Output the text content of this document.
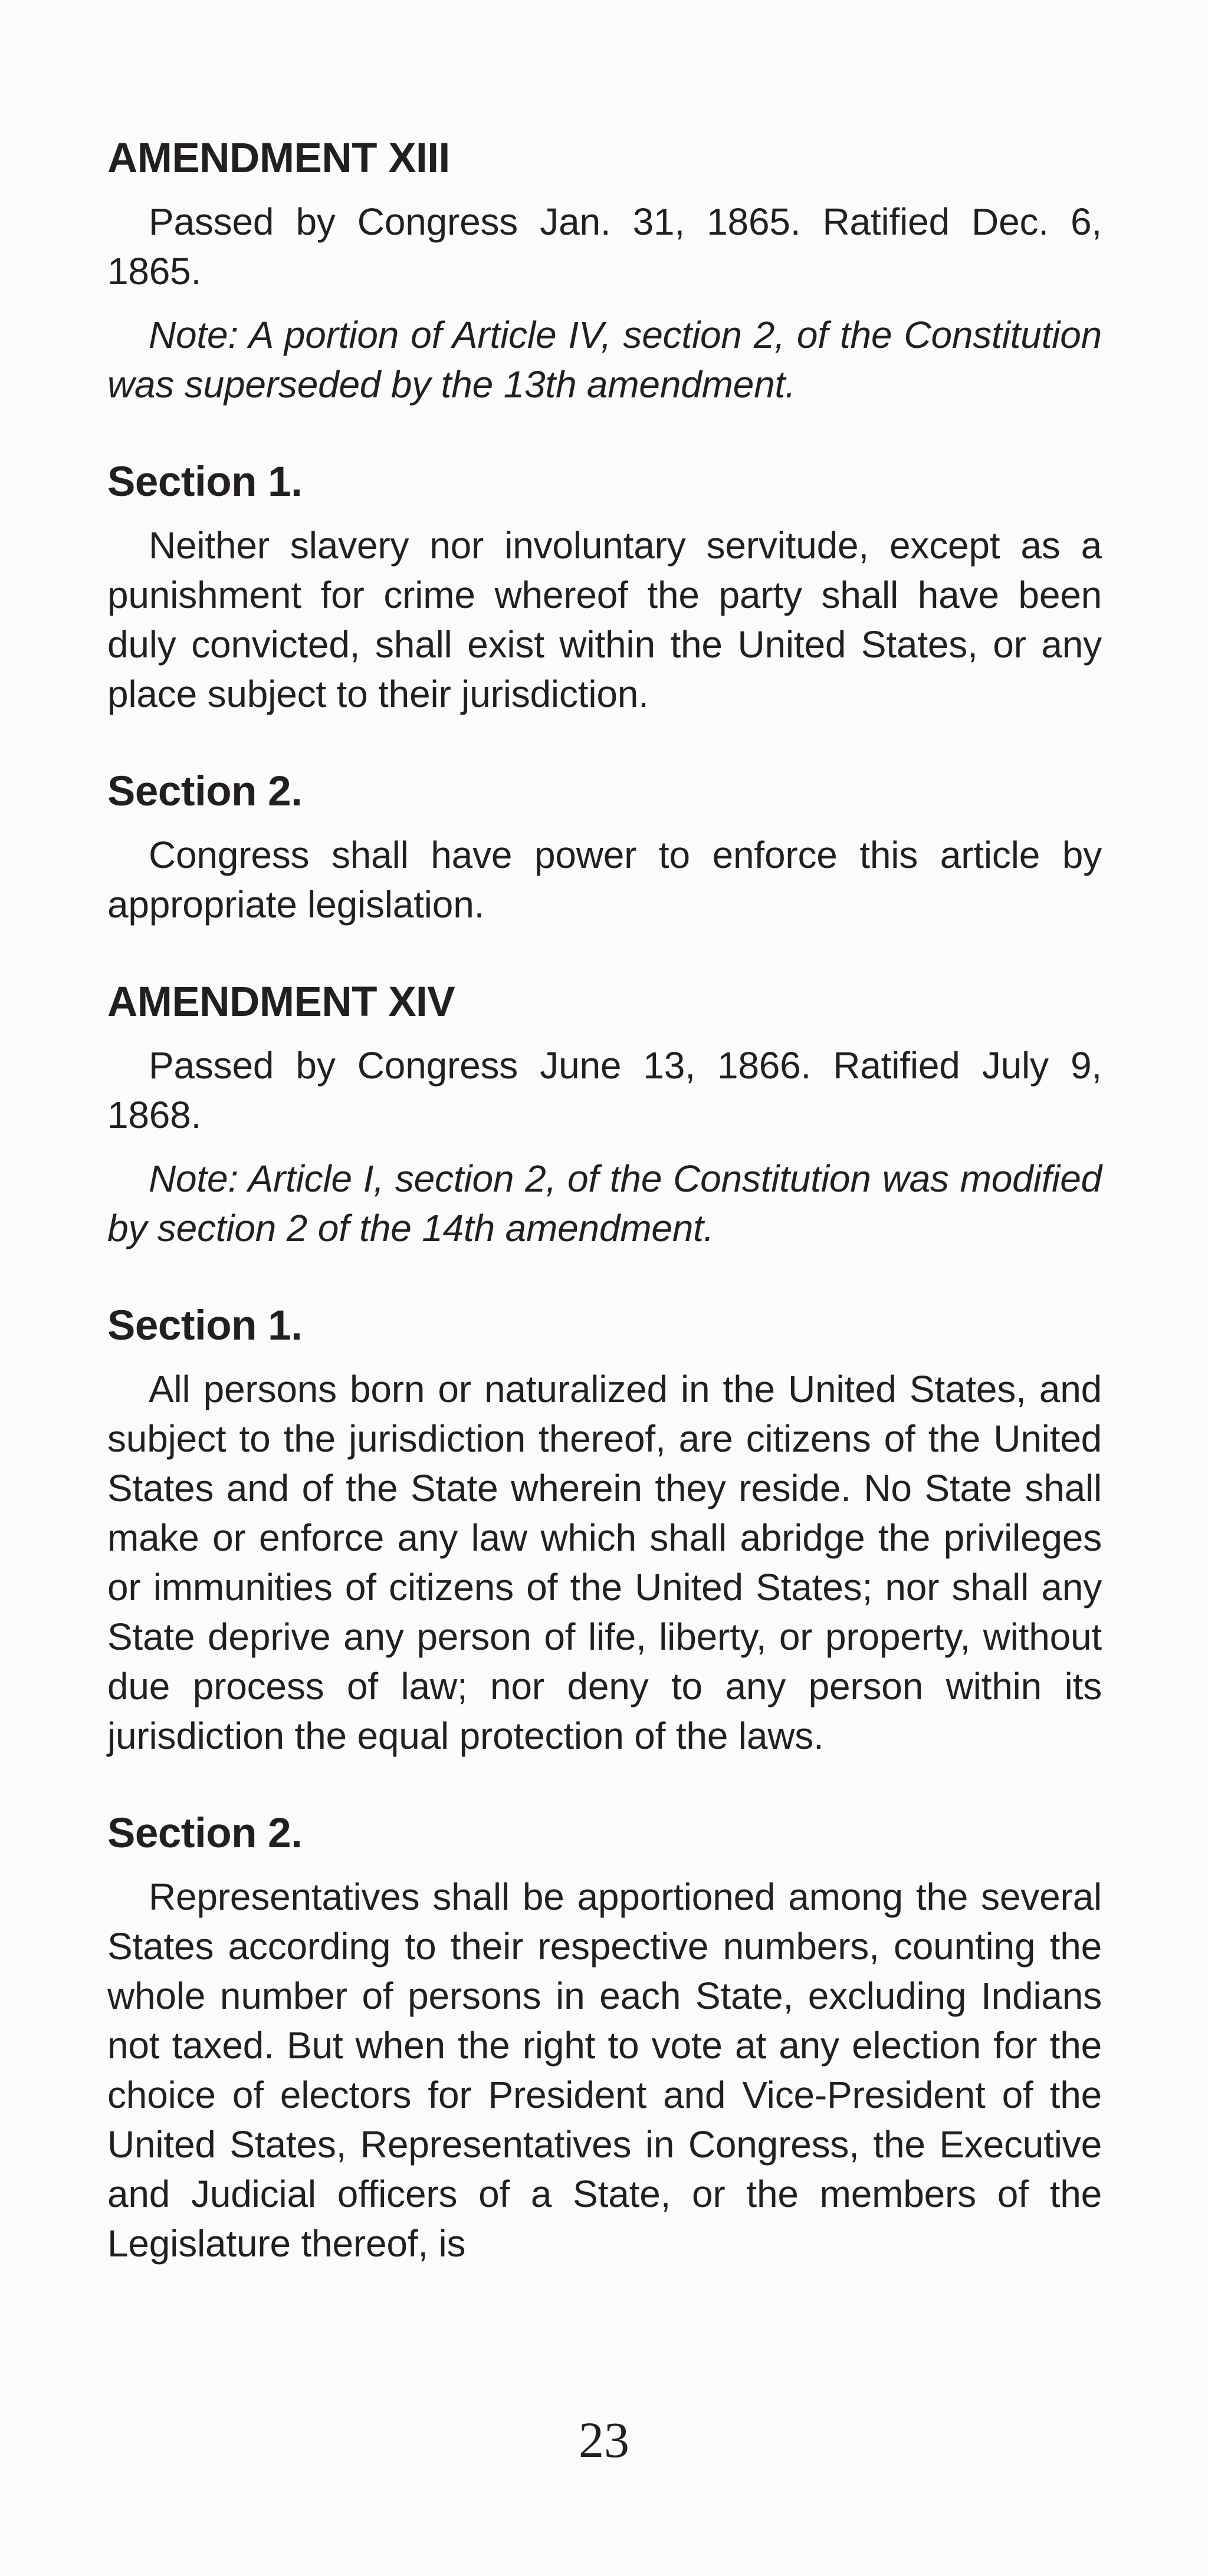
AMENDMENT XIII

Passed by Congress Jan. 31, 1865. Ratified Dec. 6, 1865.

Note: A portion of Article IV, section 2, of the Constitution was superseded by the 13th amendment.

Section 1.

Neither slavery nor involuntary servitude, except as a punishment for crime whereof the party shall have been duly convicted, shall exist within the United States, or any place subject to their jurisdiction.

Section 2.

Congress shall have power to enforce this article by appropriate legislation.

AMENDMENT XIV

Passed by Congress June 13, 1866. Ratified July 9, 1868.

Note: Article I, section 2, of the Constitution was modified by section 2 of the 14th amendment.

Section 1.

All persons born or naturalized in the United States, and subject to the jurisdiction thereof, are citizens of the United States and of the State wherein they reside. No State shall make or enforce any law which shall abridge the privileges or immunities of citizens of the United States; nor shall any State deprive any person of life, liberty, or property, without due process of law; nor deny to any person within its jurisdiction the equal protection of the laws.

Section 2.

Representatives shall be apportioned among the several States according to their respective numbers, counting the whole number of persons in each State, excluding Indians not taxed. But when the right to vote at any election for the choice of electors for President and Vice-President of the United States, Representatives in Congress, the Executive and Judicial officers of a State, or the members of the Legislature thereof, is

23
